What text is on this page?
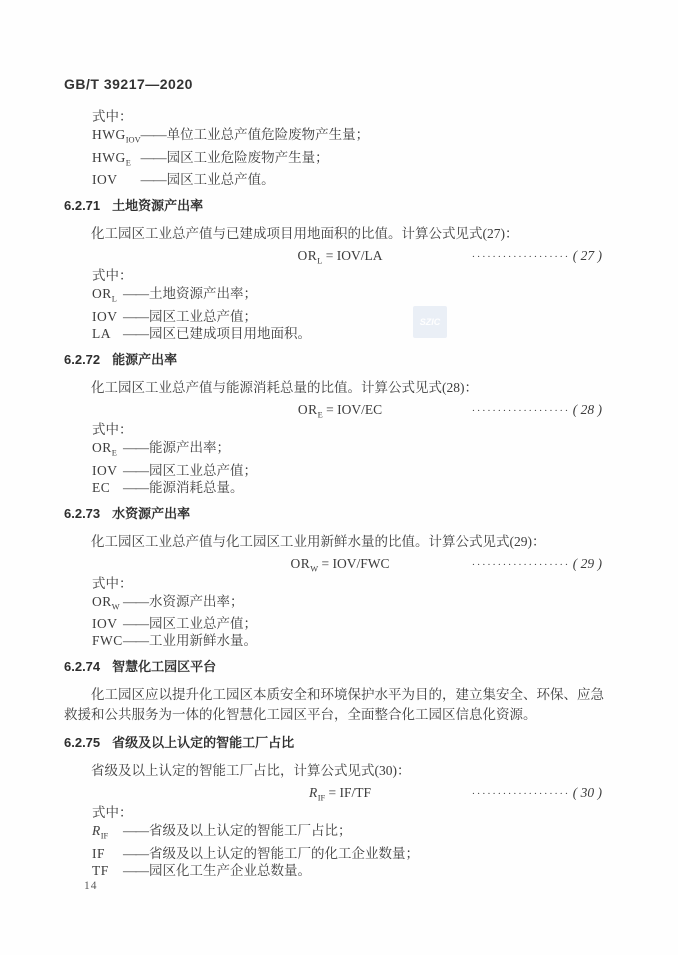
GB/T 39217—2020
式中：
$HWG_{IOV}——$单位工业总产值危险废物产生量；
$HWG_E$ ——园区工业危险废物产生量；
IOV ——园区工业总产值。
6.2.71 土地资源产出率
化工园区工业总产值与已建成项目用地面积的比值。计算公式见式(27)：
$OR_L = IOV/LA$	··················· ( 27 )
式中：
$OR_L$ ——土地资源产出率；
IOV ——园区工业总产值；
LA ——园区已建成项目用地面积。
6.2.72 能源产出率
化工园区工业总产值与能源消耗总量的比值。计算公式见式(28)：
$OR_E = IOV/EC$	··················· ( 28 )
式中：
$OR_E$ ——能源产出率；
IOV ——园区工业总产值；
EC ——能源消耗总量。
6.2.73 水资源产出率
化工园区工业总产值与化工园区工业用新鲜水量的比值。计算公式见式(29)：
$OR_W = IOV/FWC$	··················· ( 29 )
式中：
$OR_W$ ——水资源产出率；
IOV ——园区工业总产值；
FWC——工业用新鲜水量。
6.2.74 智慧化工园区平台
化工园区应以提升化工园区本质安全和环境保护水平为目的，建立集安全、环保、应急救援和公共服务为一体的化智慧化工园区平台，全面整合化工园区信息化资源。
6.2.75 省级及以上认定的智能工厂占比
省级及以上认定的智能工厂占比，计算公式见式(30)：
$R_{IF} = IF/TF$	··················· ( 30 )
式中：
$R_{IF}$ ——省级及以上认定的智能工厂占比；
IF ——省级及以上认定的智能工厂的化工企业数量；
TF ——园区化工生产企业总数量。
SZIC
14
